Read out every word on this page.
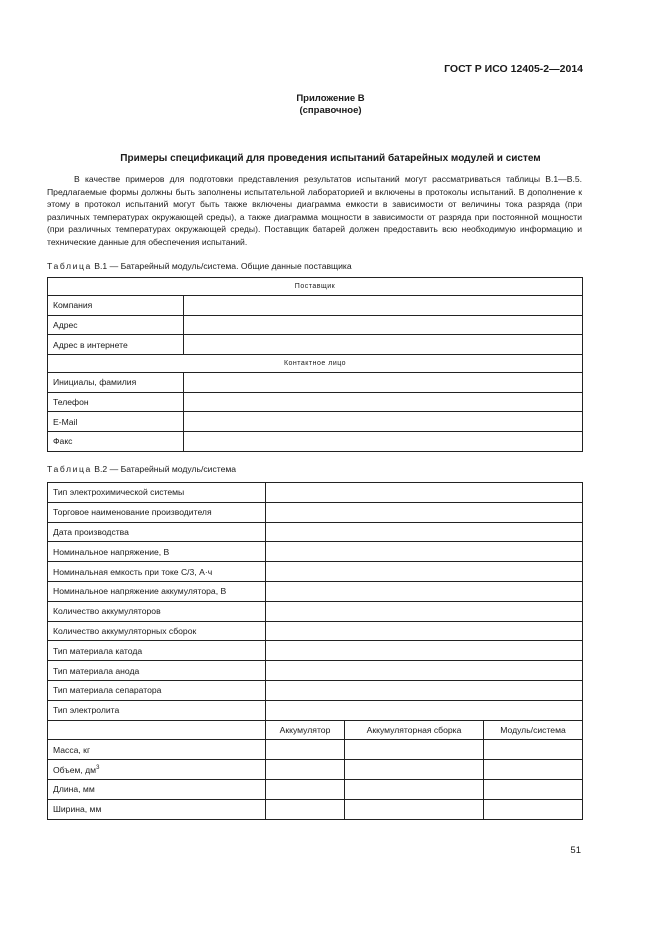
ГОСТ Р ИСО 12405-2—2014
Приложение В
(справочное)
Примеры спецификаций для проведения испытаний батарейных модулей и систем

В качестве примеров для подготовки представления результатов испытаний могут рассматриваться таблицы В.1—В.5. Предлагаемые формы должны быть заполнены испытательной лабораторией и включены в протоколы испытаний. В дополнение к этому в протокол испытаний могут быть также включены диаграмма емкости в зависимости от величины тока разряда (при различных температурах окружающей среды), а также диаграмма мощности в зависимости от разряда при постоянной мощности (при различных температурах окружающей среды). Поставщик батарей должен предоставить всю необходимую информацию и технические данные для обеспечения испытаний.

Таблица В.1 — Батарейный модуль/система. Общие данные поставщика
Поставщик	
Компания	
Адрес	
Адрес в интернете	
Контактное лицо	
Инициалы, фамилия	
Телефон	
E-Mail	
Факс	
Таблица В.2 — Батарейный модуль/система
Тип электрохимической системы			
Торговое наименование производителя			
Дата производства			
Номинальное напряжение, В			
Номинальная емкость при токе С/3, А·ч			
Номинальное напряжение аккумулятора, В			
Количество аккумуляторов			
Количество аккумуляторных сборок			
Тип материала катода			
Тип материала анода			
Тип материала сепаратора			
Тип электролита			
	Аккумулятор	Аккумуляторная сборка	Модуль/система
Масса, кг			
Объем, $дм^3$			
Длина, мм			
Ширина, мм			
51
